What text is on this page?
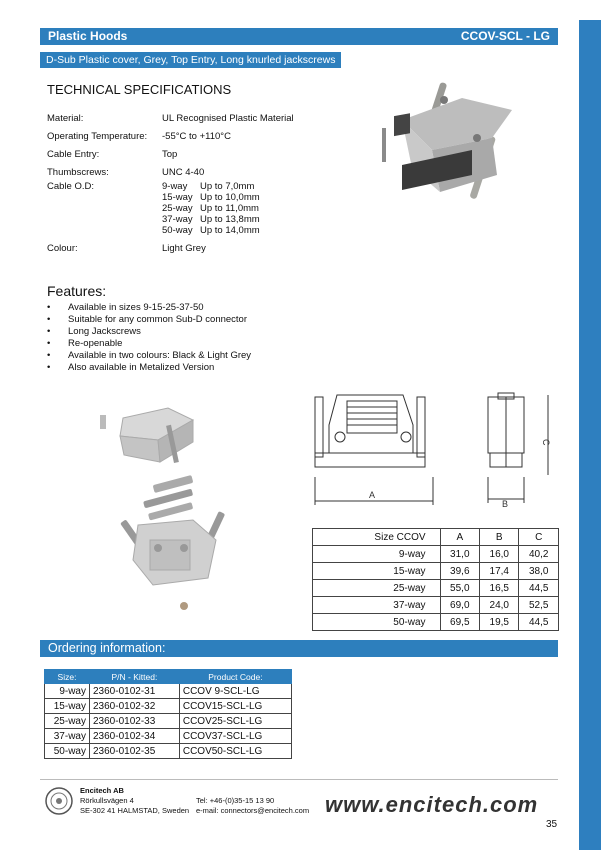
Plastic Hoods	CCOV-SCL - LG
D-Sub Plastic cover, Grey, Top Entry, Long knurled jackscrews
TECHNICAL SPECIFICATIONS
Material:	UL Recognised Plastic Material
Operating Temperature: -55°C to +110°C
Cable Entry:	Top
Thumbscrews:	UNC 4-40
Cable O.D:	9-way Up to 7,0mm
15-way Up to 10,0mm
25-way Up to 11,0mm
37-way Up to 13,8mm
50-way Up to 14,0mm
Colour:	Light Grey
Features:
• Available in sizes 9-15-25-37-50
• Suitable for any common Sub-D connector
• Long Jackscrews
• Re-openable
• Available in two colours: Black & Light Grey
• Also available in Metalized Version
A
C
B
Size CCOV	A	B	C
9-way	31,0	16,0	40,2
15-way	39,6	17,4	38,0
25-way	55,0	16,5	44,5
37-way	69,0	24,0	52,5
50-way	69,5	19,5	44,5
Ordering information:
Size:	P/N - Kitted:	Product Code:
9-way	2360-0102-31	CCOV 9-SCL-LG
15-way	2360-0102-32	CCOV15-SCL-LG
25-way	2360-0102-33	CCOV25-SCL-LG
37-way	2360-0102-34	CCOV37-SCL-LG
50-way	2360-0102-35	CCOV50-SCL-LG
Encitech AB
Rörkullsvägen 4
SE-302 41 HALMSTAD, Sweden
Tel: +46-(0)35-15 13 90
e-mail: connectors@encitech.com www.encitech.com
35
